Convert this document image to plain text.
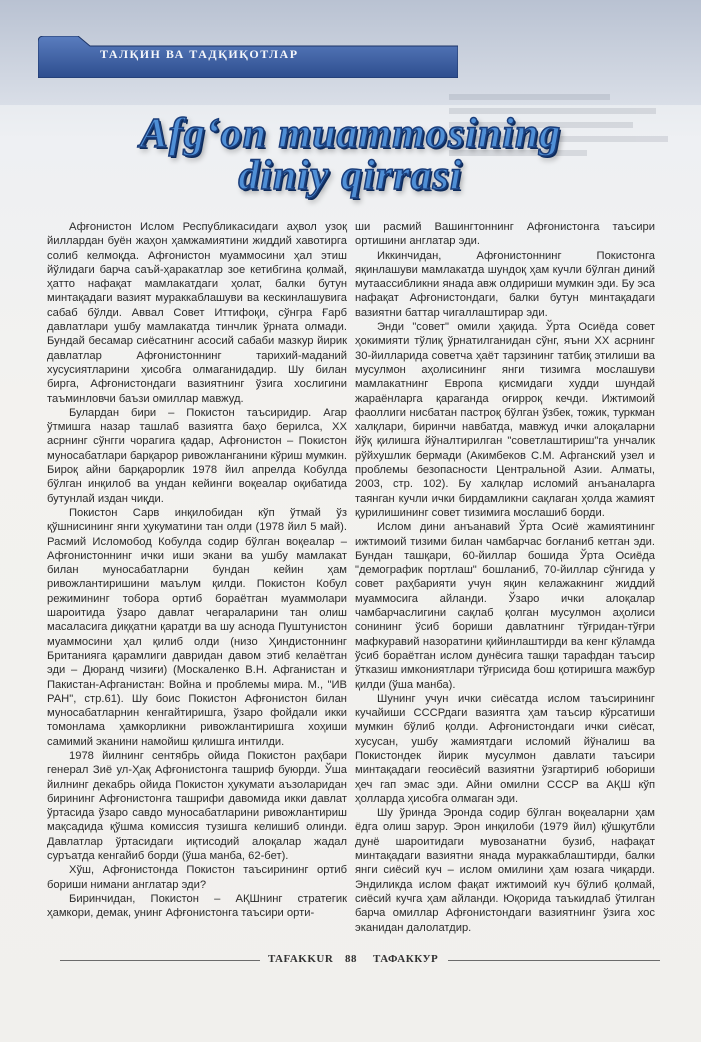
ТАЛҚИН ВА ТАДҚИҚОТЛАР
Afg‘on muammosining
diniy qirrasi

Афғонистон Ислом Республикасидаги аҳвол узоқ йиллардан буён жаҳон ҳамжамиятини жиддий хавотирга солиб келмоқда. Афғонистон муаммосини ҳал этиш йўлидаги барча саъй-ҳаракатлар зое кетибгина қолмай, ҳатто нафақат мамлакатдаги ҳолат, балки бутун минтақадаги вазият мураккаблашуви ва кескинлашувига сабаб бўлди. Аввал Совет Иттифоқи, сўнгра Ғарб давлатлари ушбу мамлакатда тинчлик ўрната олмади. Бундай бесамар сиёсатнинг асосий сабаби мазкур йирик давлатлар Афғонистоннинг тарихий-маданий хусусиятларини ҳисобга олмаганидадир. Шу билан бирга, Афғонистондаги вазиятнинг ўзига хослигини таъминловчи баъзи омиллар мавжуд.

Булардан бири – Покистон таъсиридир. Агар ўтмишга назар ташлаб вазиятга баҳо берилса, ХХ асрнинг сўнгги чорагига қадар, Афғонистон – Покистон муносабатлари барқарор ривожланганини кўриш мумкин. Бироқ айни барқарорлик 1978 йил апрелда Кобулда бўлган инқилоб ва ундан кейинги воқеалар оқибатида бутунлай издан чиқди.

Покистон Сарв инқилобидан кўп ўтмай ўз қўшнисининг янги ҳукуматини тан олди (1978 йил 5 май). Расмий Исломобод Кобулда содир бўлган воқеалар – Афғонистоннинг ички иши экани ва ушбу мамлакат билан муносабатларни бундан кейин ҳам ривожлантиришини маълум қилди. Покистон Кобул режимининг тобора ортиб бораётган муаммолари шароитида ўзаро давлат чегараларини тан олиш масаласига диққатни қаратди ва шу аснода Пуштунистон муаммосини ҳал қилиб олди (низо Ҳиндистоннинг Британияга қарамлиги давридан давом этиб келаётган эди – Дюранд чизиғи) (Москаленко В.Н. Афганистан и Пакистан-Афганистан: Война и проблемы мира. М., "ИВ РАН", стр.61). Шу боис Покистон Афғонистон билан муносабатларнин кенгайтиришга, ўзаро фойдали икки томонлама ҳамкорликни ривожлантиришга хоҳиши самимий эканини намойиш қилишга интилди.

1978 йилнинг сентябрь ойида Покистон раҳбари генерал Зиё ул-Ҳақ Афғонистонга ташриф буюрди. Ўша йилнинг декабрь ойида Покистон ҳукумати аъзоларидан бирининг Афғонистонга ташрифи давомида икки давлат ўртасида ўзаро савдо муносабатларини ривожлантириш мақсадида қўшма комиссия тузишга келишиб олинди. Давлатлар ўртасидаги иқтисодий алоқалар жадал суръатда кенгайиб борди (ўша манба, 62-бет).

Хўш, Афғонистонда Покистон таъсирининг ортиб бориши нимани англатар эди?

Биринчидан, Покистон – АҚШнинг стратегик ҳамкори, демак, унинг Афғонистонга таъсири орти-

ши расмий Вашингтоннинг Афғонистонга таъсири ортишини англатар эди.

Иккинчидан, Афғонистоннинг Покистонга яқинлашуви мамлакатда шундоқ ҳам кучли бўлган диний мутаассибликни янада авж олдириши мумкин эди. Бу эса нафақат Афғонистондаги, балки бутун минтақадаги вазиятни баттар чигаллаштирар эди.

Энди "совет" омили ҳақида. Ўрта Осиёда совет ҳокимияти тўлиқ ўрнатилганидан сўнг, яъни ХХ асрнинг 30-йилларида советча ҳаёт тарзининг татбиқ этилиши ва мусулмон аҳолисининг янги тизимга мослашуви мамлакатнинг Европа қисмидаги худди шундай жараёнларга қараганда оғирроқ кечди. Ижтимоий фаоллиги нисбатан пастроқ бўлган ўзбек, тожик, туркман халқлари, биринчи навбатда, мавжуд ички алоқаларни йўқ қилишга йўналтирилган "советлаштириш"га унчалик рўйхушлик бермади (Акимбеков С.М. Афганский узел и проблемы безопасности Центральной Азии. Алматы, 2003, стр. 102). Бу халқлар исломий анъаналарга таянган кучли ички бирдамликни сақлаган ҳолда жамият қурилишининг совет тизимига мослашиб борди.

Ислом дини анъанавий Ўрта Осиё жамиятининг ижтимоий тизими билан чамбарчас боғланиб кетган эди. Бундан ташқари, 60-йиллар бошида Ўрта Осиёда "демографик портлаш" бошланиб, 70-йиллар сўнгида у совет раҳбарияти учун яқин келажакнинг жиддий муаммосига айланди. Ўзаро ички алоқалар чамбарчаслигини сақлаб қолган мусулмон аҳолиси сонининг ўсиб бориши давлатнинг тўғридан-тўғри мафкуравий назоратини қийинлаштирди ва кенг кўламда ўсиб бораётган ислом дунёсига ташқи тарафдан таъсир ўтказиш имкониятлари тўғрисида бош қотиришга мажбур қилди (ўша манба).

Шунинг учун ички сиёсатда ислом таъсирининг кучайиши СССРдаги вазиятга ҳам таъсир кўрсатиши мумкин бўлиб қолди. Афғонистондаги ички сиёсат, хусусан, ушбу жамиятдаги исломий йўналиш ва Покистондек йирик мусулмон давлати таъсири минтақадаги геосиёсий вазиятни ўзгартириб юбориши ҳеч гап эмас эди. Айни омилни СССР ва АҚШ кўп ҳолларда ҳисобга олмаган эди.

Шу ўринда Эронда содир бўлган воқеаларни ҳам ёдга олиш зарур. Эрон инқилоби (1979 йил) қўшқутбли дунё шароитидаги мувозанатни бузиб, нафақат минтақадаги вазиятни янада мураккаблаштирди, балки янги сиёсий куч – ислом омилини ҳам юзага чиқарди. Эндиликда ислом фақат ижтимоий куч бўлиб қолмай, сиёсий кучга ҳам айланди. Юқорида таъкидлаб ўтилган барча омиллар Афғонистондаги вазиятнинг ўзига хос эканидан далолатдир.

TAFAKKUR 88 ТАФАККУР
